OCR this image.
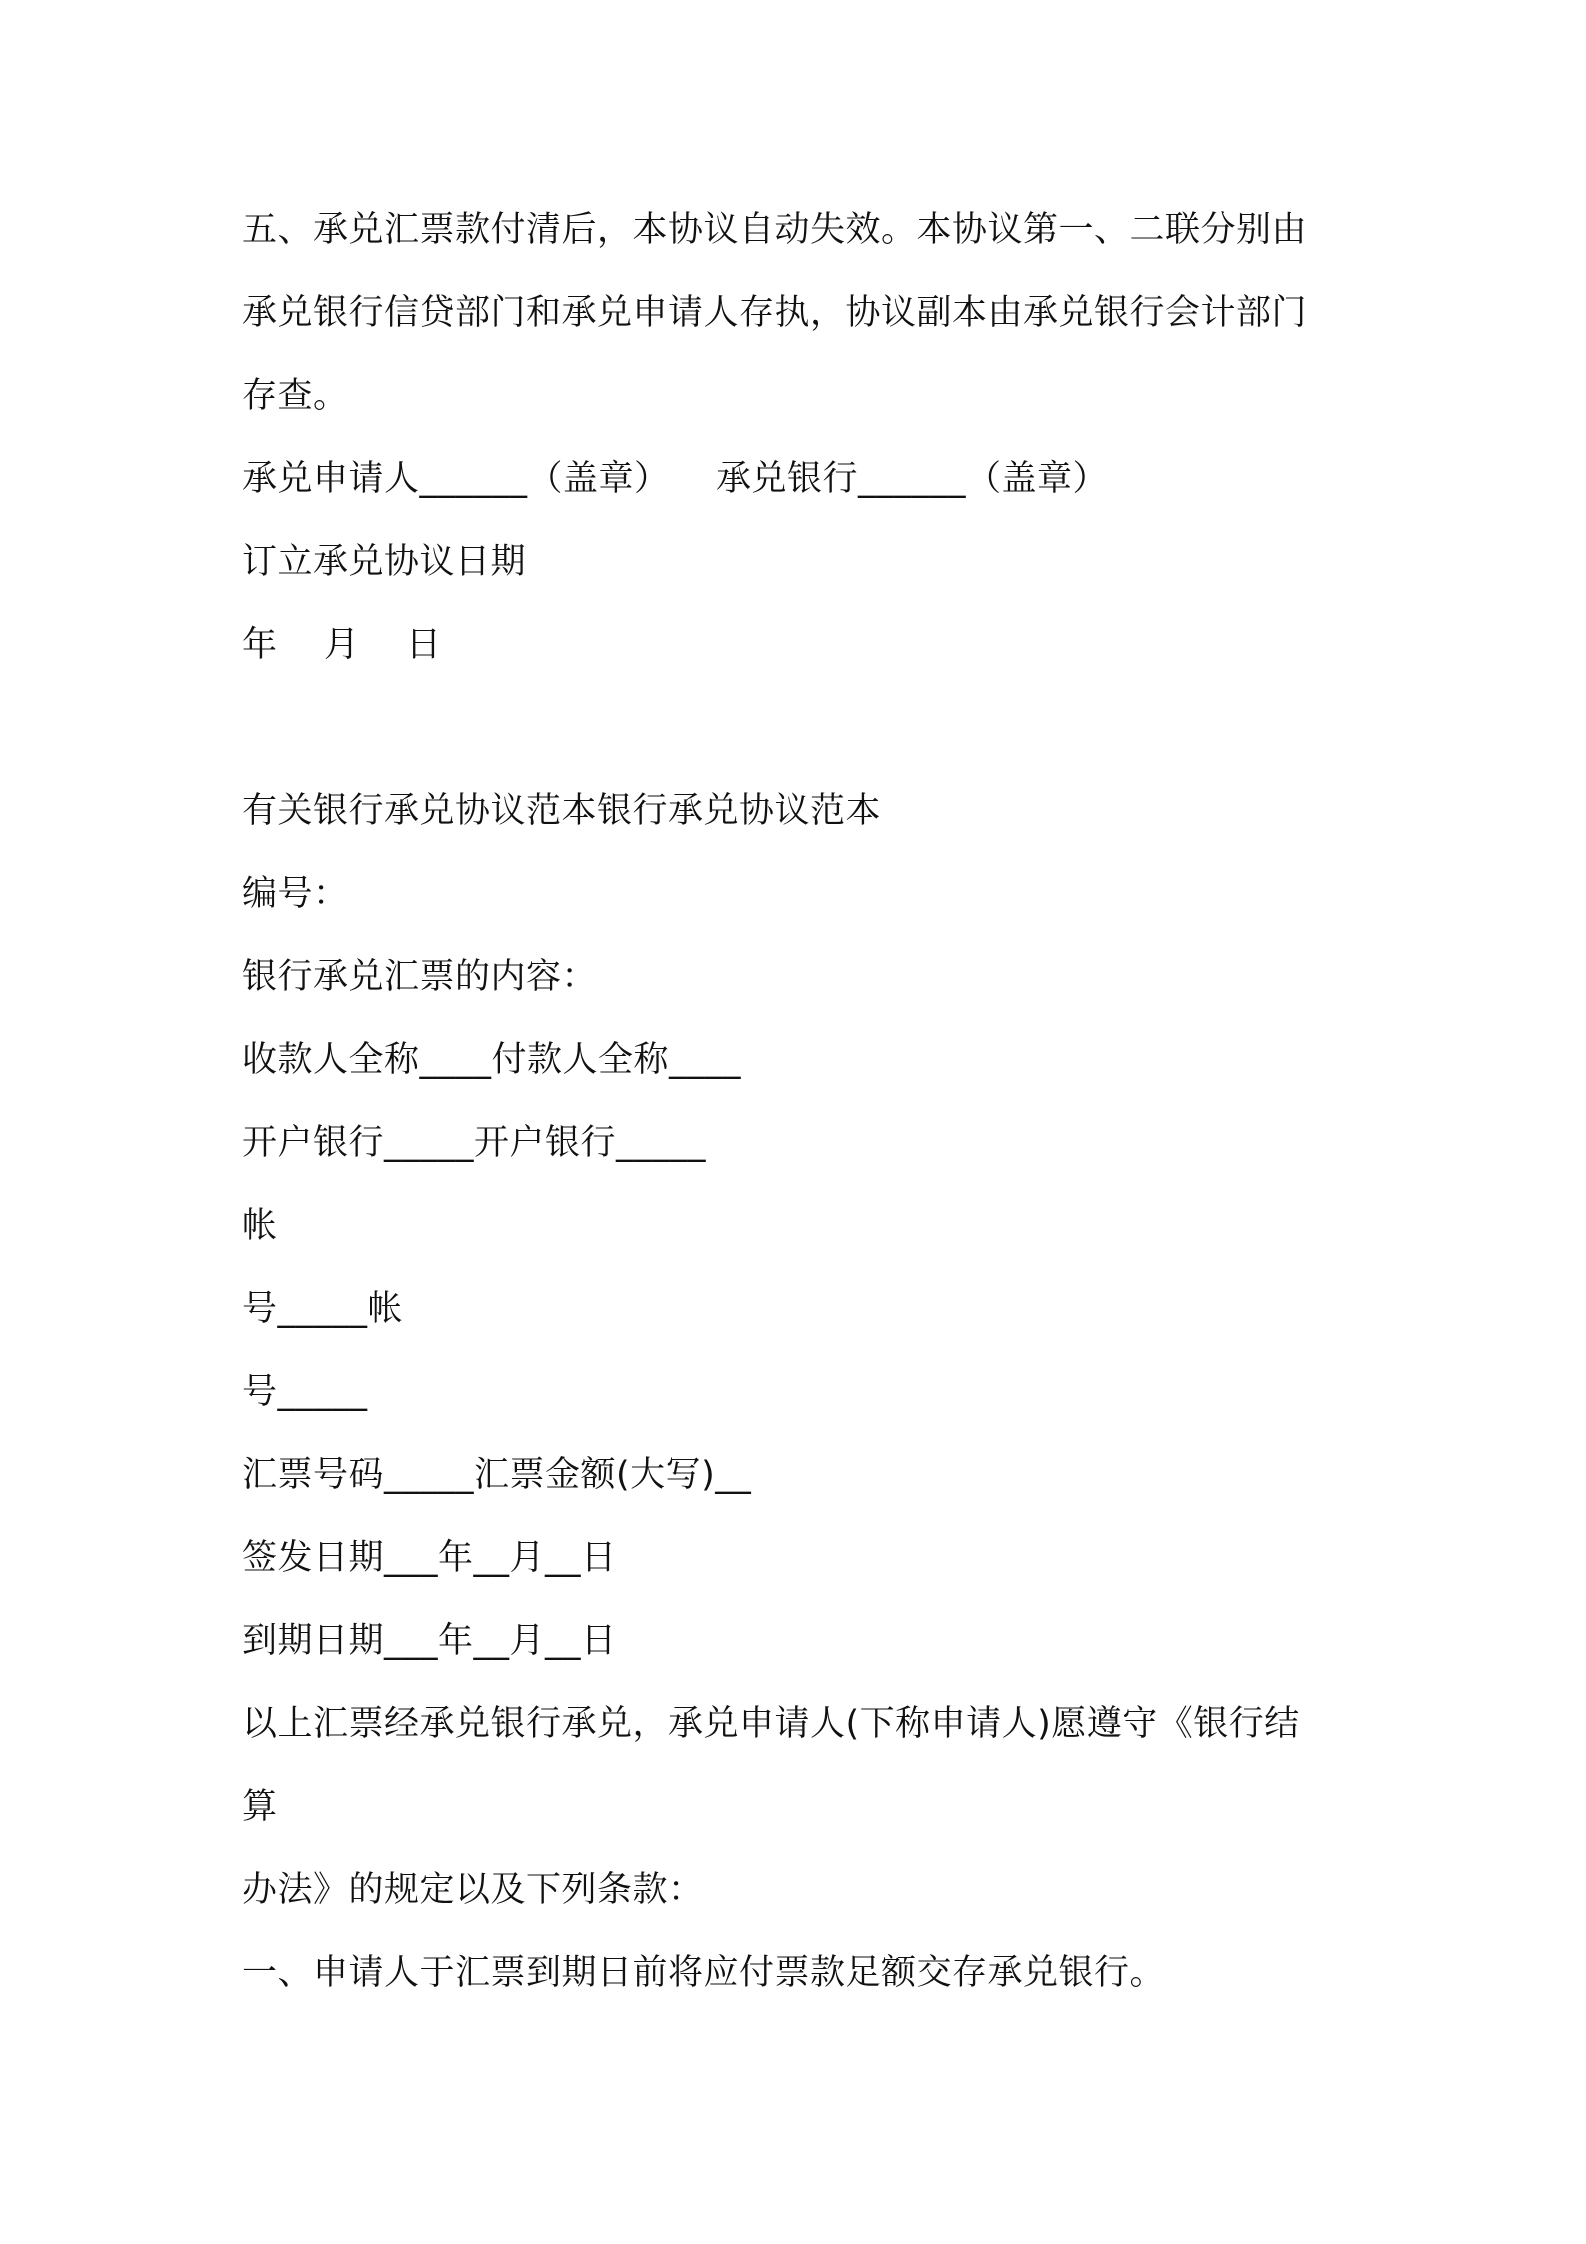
五、承兑汇票款付清后，本协议自动失效。本协议第一、二联分别由
承兑银行信贷部门和承兑申请人存执，协议副本由承兑银行会计部门
存查。
承兑申请人______（盖章）    承兑银行______（盖章）
订立承兑协议日期
年    月    日
有关银行承兑协议范本银行承兑协议范本
编号：
银行承兑汇票的内容：
收款人全称____付款人全称____
开户银行_____开户银行_____
帐
号_____帐
号_____
汇票号码_____汇票金额(大写)__
签发日期___年__月__日
到期日期___年__月__日
以上汇票经承兑银行承兑，承兑申请人(下称申请人)愿遵守《银行结
算
办法》的规定以及下列条款：
一、申请人于汇票到期日前将应付票款足额交存承兑银行。
